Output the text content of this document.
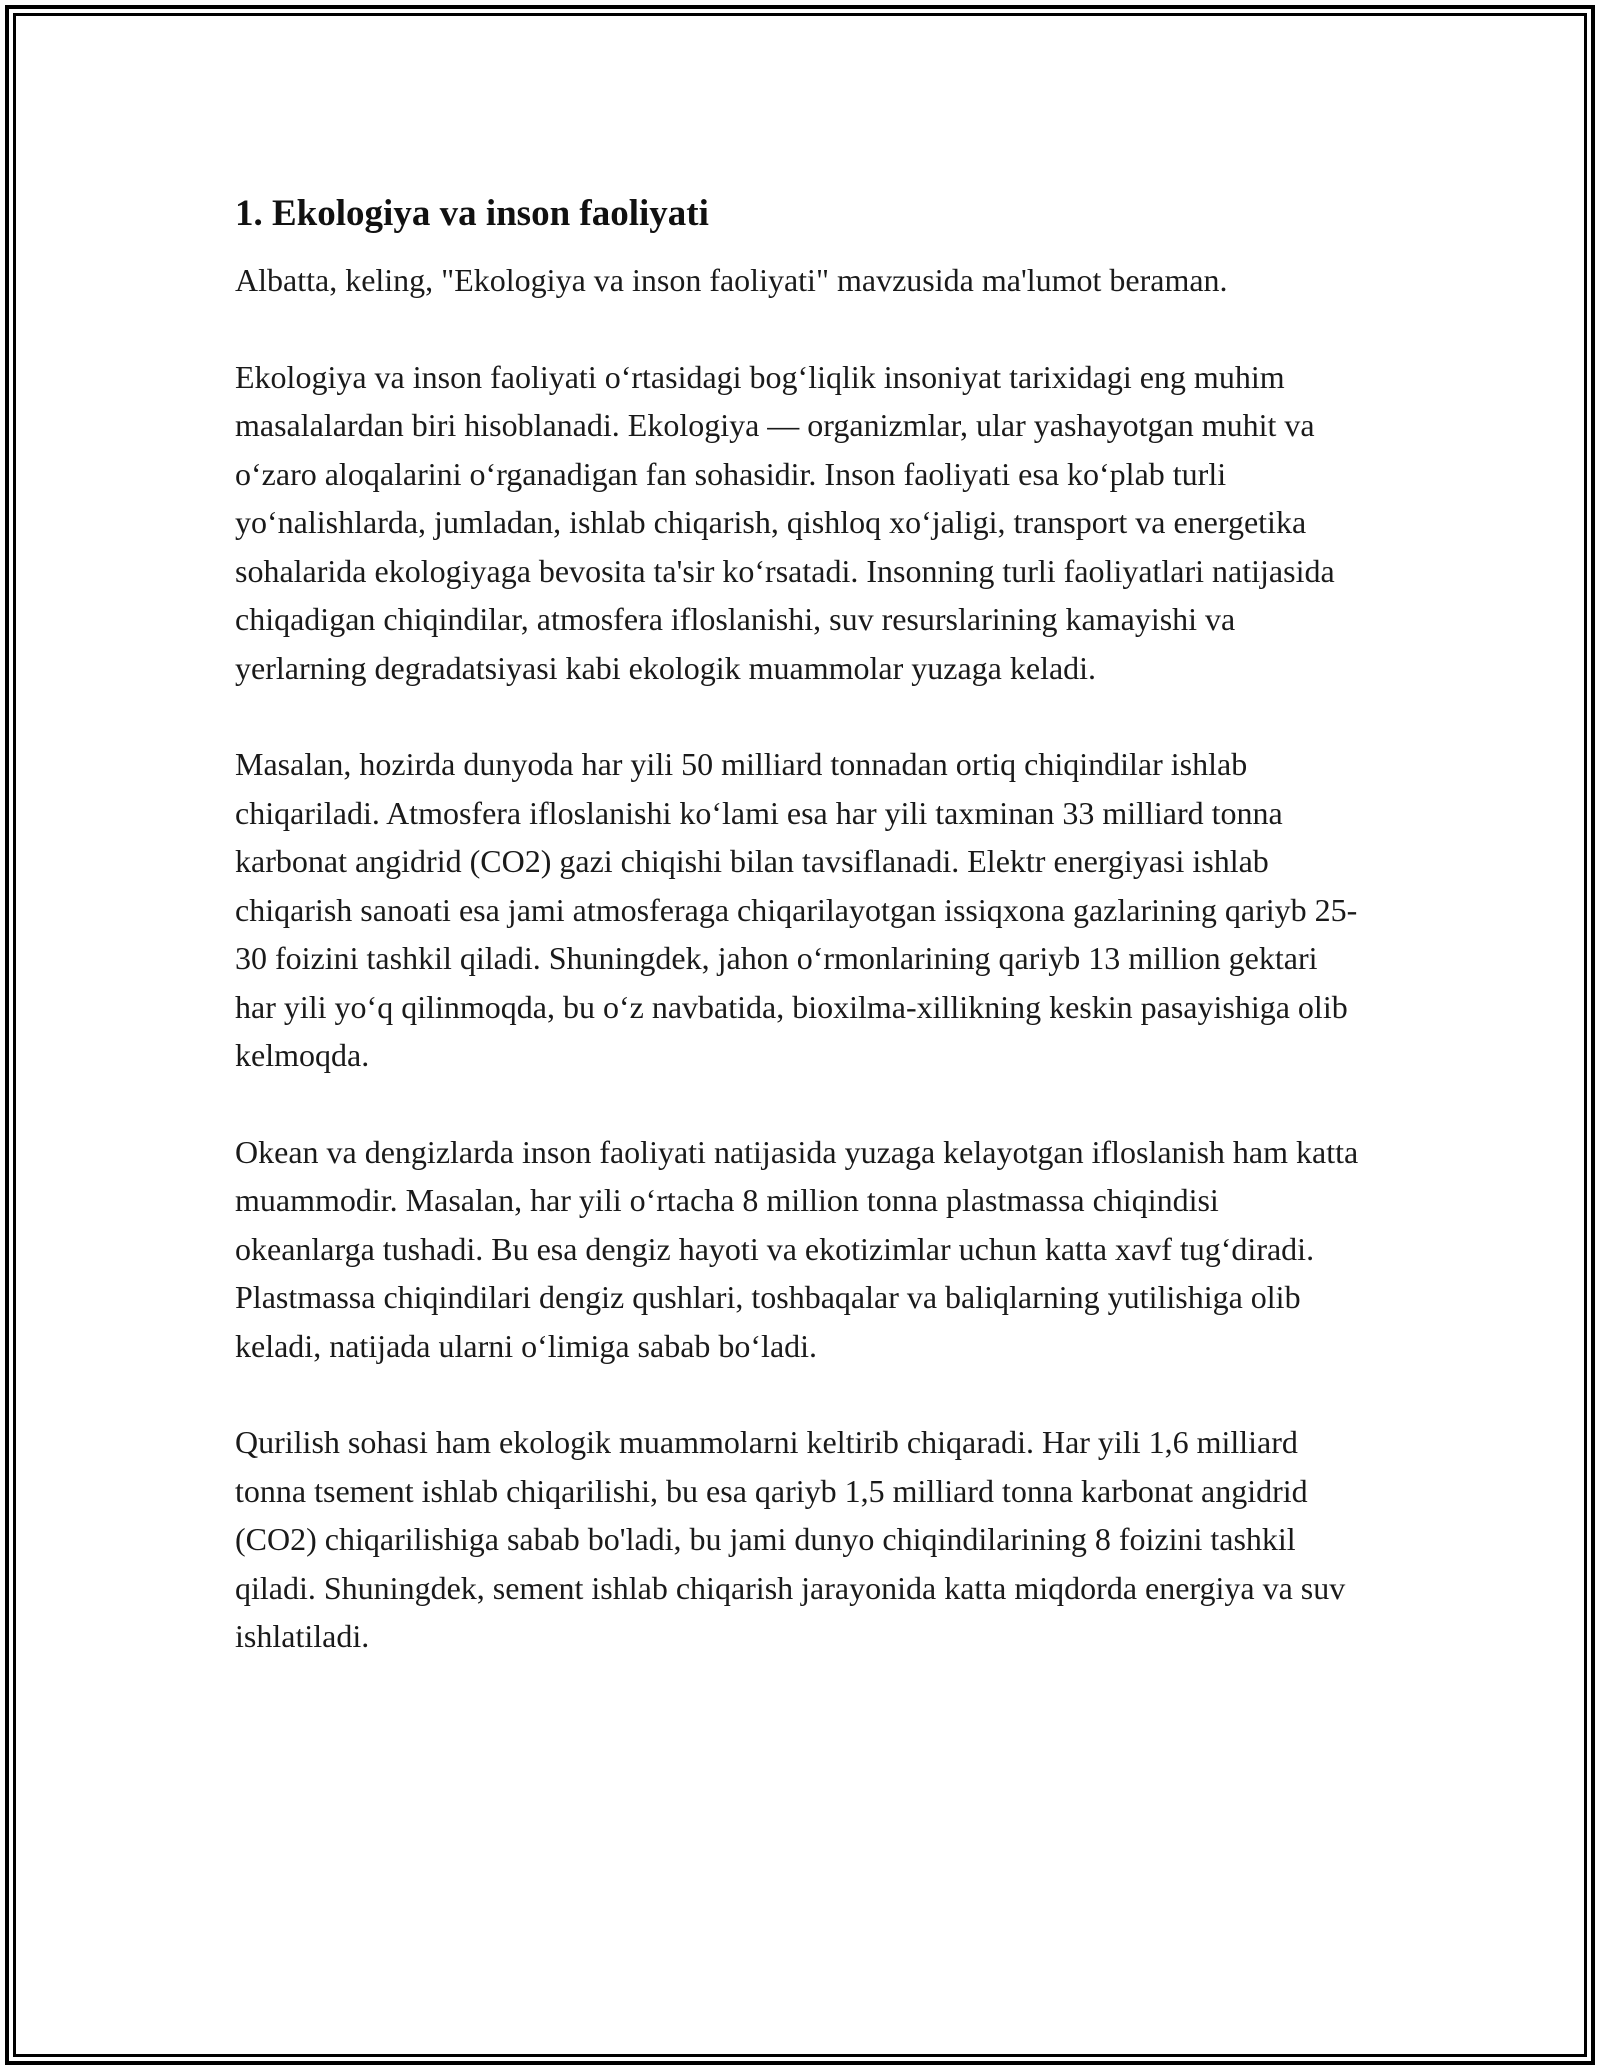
1. Ekologiya va inson faoliyati

Albatta, keling, "Ekologiya va inson faoliyati" mavzusida ma'lumot beraman.

Ekologiya va inson faoliyati oʻrtasidagi bogʻliqlik insoniyat tarixidagi eng muhim masalalardan biri hisoblanadi. Ekologiya — organizmlar, ular yashayotgan muhit va oʻzaro aloqalarini oʻrganadigan fan sohasidir. Inson faoliyati esa koʻplab turli yoʻnalishlarda, jumladan, ishlab chiqarish, qishloq xoʻjaligi, transport va energetika sohalarida ekologiyaga bevosita ta'sir koʻrsatadi. Insonning turli faoliyatlari natijasida chiqadigan chiqindilar, atmosfera ifloslanishi, suv resurslarining kamayishi va yerlarning degradatsiyasi kabi ekologik muammolar yuzaga keladi.

Masalan, hozirda dunyoda har yili 50 milliard tonnadan ortiq chiqindilar ishlab chiqariladi. Atmosfera ifloslanishi koʻlami esa har yili taxminan 33 milliard tonna karbonat angidrid (CO2) gazi chiqishi bilan tavsiflanadi. Elektr energiyasi ishlab chiqarish sanoati esa jami atmosferaga chiqarilayotgan issiqxona gazlarining qariyb 25-30 foizini tashkil qiladi. Shuningdek, jahon oʻrmonlarining qariyb 13 million gektari har yili yoʻq qilinmoqda, bu oʻz navbatida, bioxilma-xillikning keskin pasayishiga olib kelmoqda.

Okean va dengizlarda inson faoliyati natijasida yuzaga kelayotgan ifloslanish ham katta muammodir. Masalan, har yili oʻrtacha 8 million tonna plastmassa chiqindisi okeanlarga tushadi. Bu esa dengiz hayoti va ekotizimlar uchun katta xavf tugʻdiradi. Plastmassa chiqindilari dengiz qushlari, toshbaqalar va baliqlarning yutilishiga olib keladi, natijada ularni oʻlimiga sabab boʻladi.

Qurilish sohasi ham ekologik muammolarni keltirib chiqaradi. Har yili 1,6 milliard tonna tsement ishlab chiqarilishi, bu esa qariyb 1,5 milliard tonna karbonat angidrid (CO2) chiqarilishiga sabab bo'ladi, bu jami dunyo chiqindilarining 8 foizini tashkil qiladi. Shuningdek, sement ishlab chiqarish jarayonida katta miqdorda energiya va suv ishlatiladi.
